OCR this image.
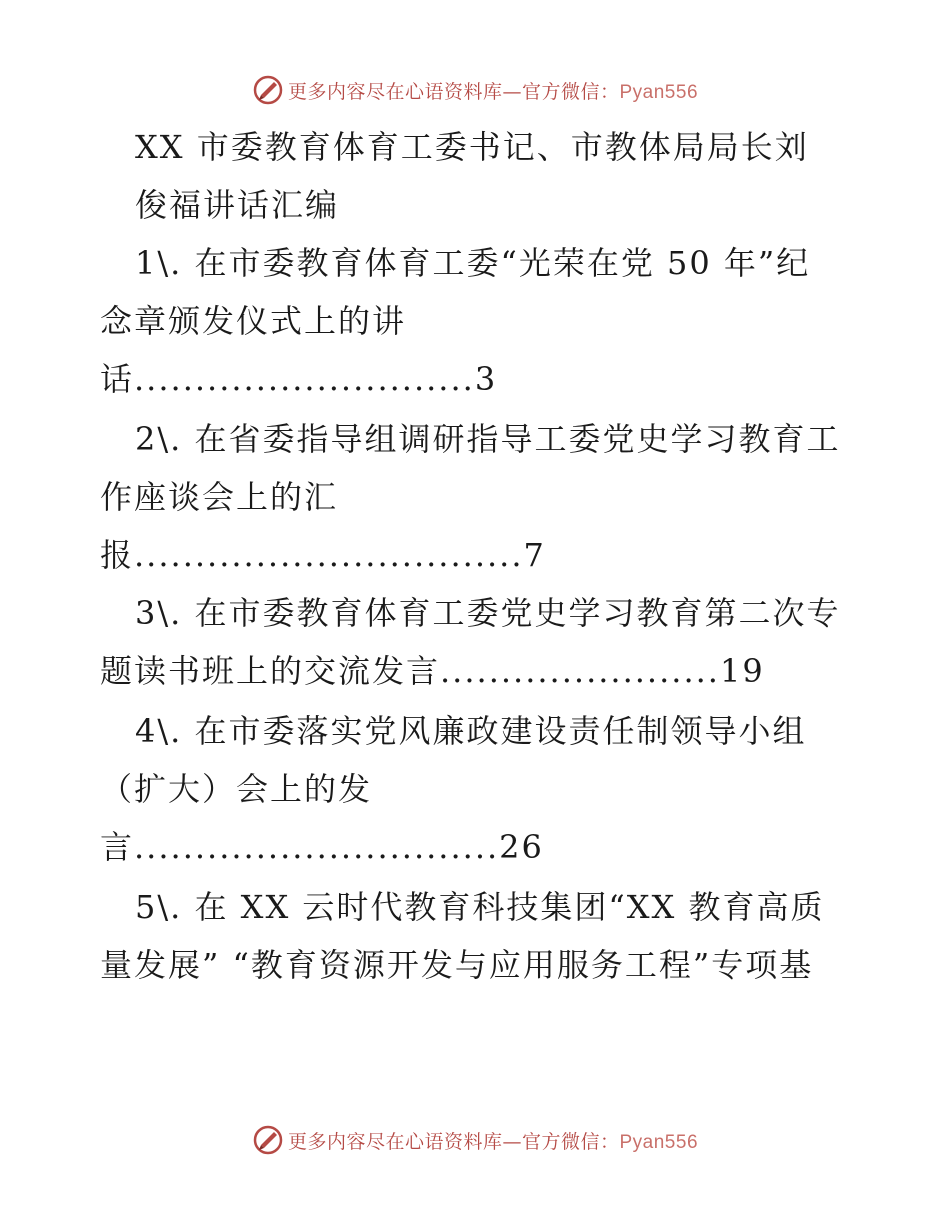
更多内容尽在心语资料库—官方微信：Pyan556
XX 市委教育体育工委书记、市教体局局长刘
俊福讲话汇编
1\. 在市委教育体育工委“光荣在党 50 年”纪
念章颁发仪式上的讲
话............................3
2\. 在省委指导组调研指导工委党史学习教育工
作座谈会上的汇
报................................7
3\. 在市委教育体育工委党史学习教育第二次专
题读书班上的交流发言.......................19
4\. 在市委落实党风廉政建设责任制领导小组
（扩大）会上的发
言..............................26
5\. 在 XX 云时代教育科技集团“XX 教育高质
量发展” “教育资源开发与应用服务工程”专项基
更多内容尽在心语资料库—官方微信：Pyan556
